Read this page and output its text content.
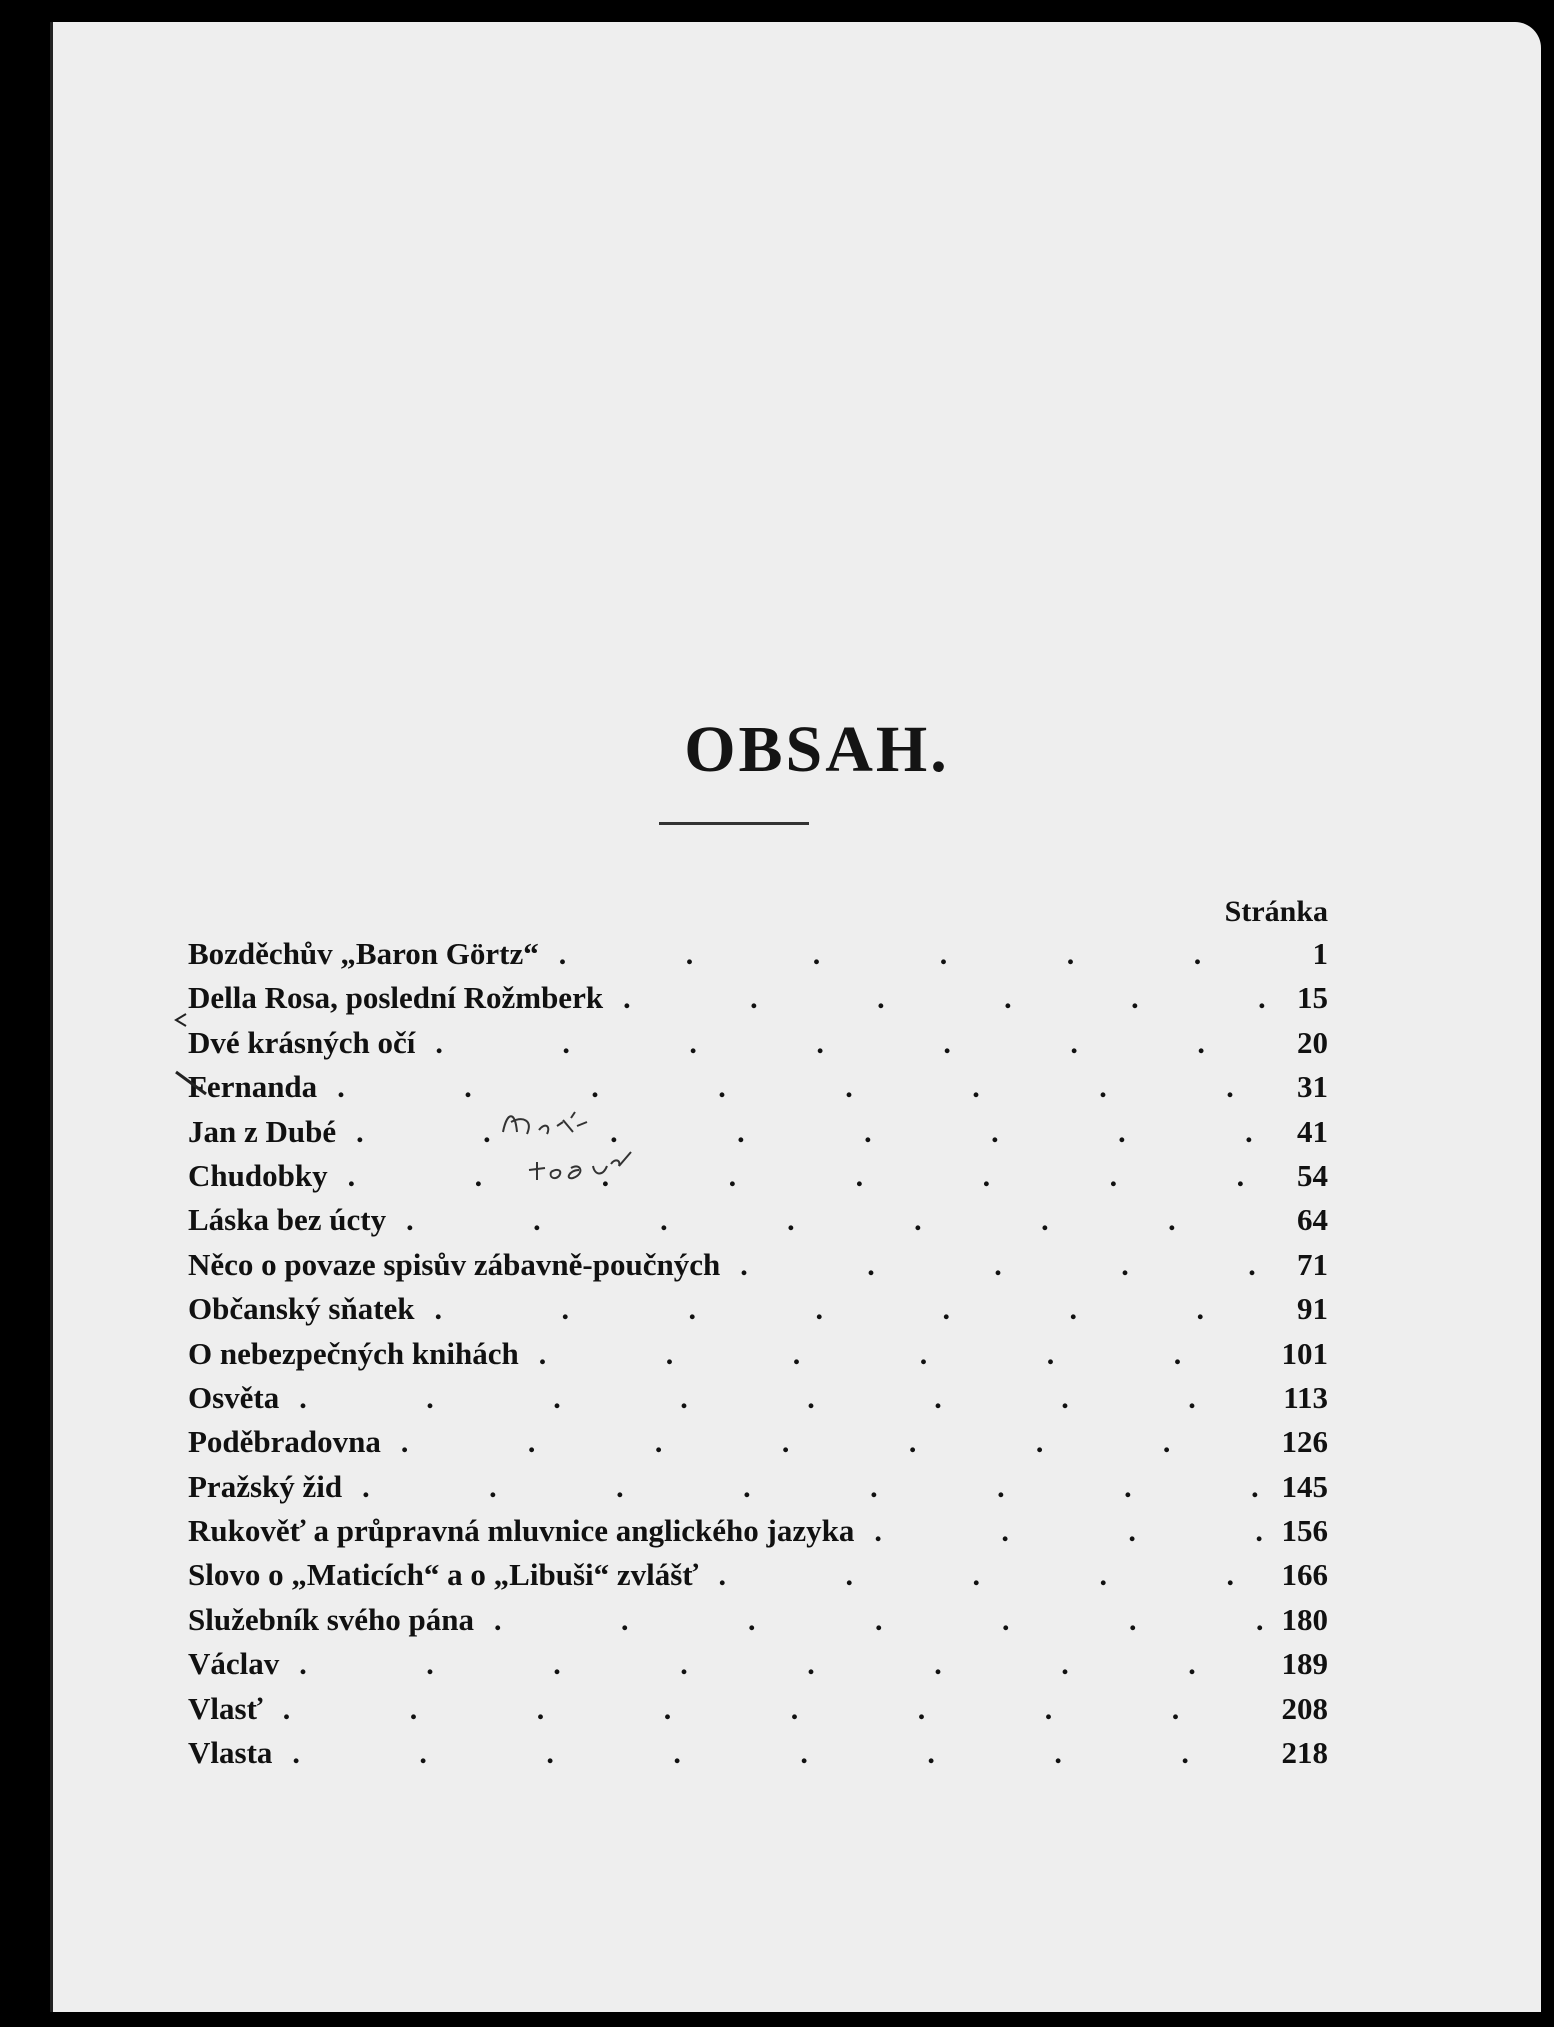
OBSAH.
Stránka
Bozděchův „Baron Görtz“ . . .	1
Della Rosa, poslední Rožmberk . . .	15
Dvé krásných očí . . .	20
Fernanda . . .	31
Jan z Dubé . . .	41
Chudobky . . .	54
Láska bez úcty . . .	64
Něco o povaze spisův zábavně-poučných . . .	71
Občanský sňatek . . .	91
O nebezpečných knihách . . .	101
Osvěta . . .	113
Poděbradovna . . .	126
Pražský žid . . .	145
Rukověť a průpravná mluvnice anglického jazyka . . .	156
Slovo o „Maticích“ a o „Libuši“ zvlášť . . .	166
Služebník svého pána . . .	180
Václav . . .	189
Vlasť . . .	208
Vlasta . . .	218
